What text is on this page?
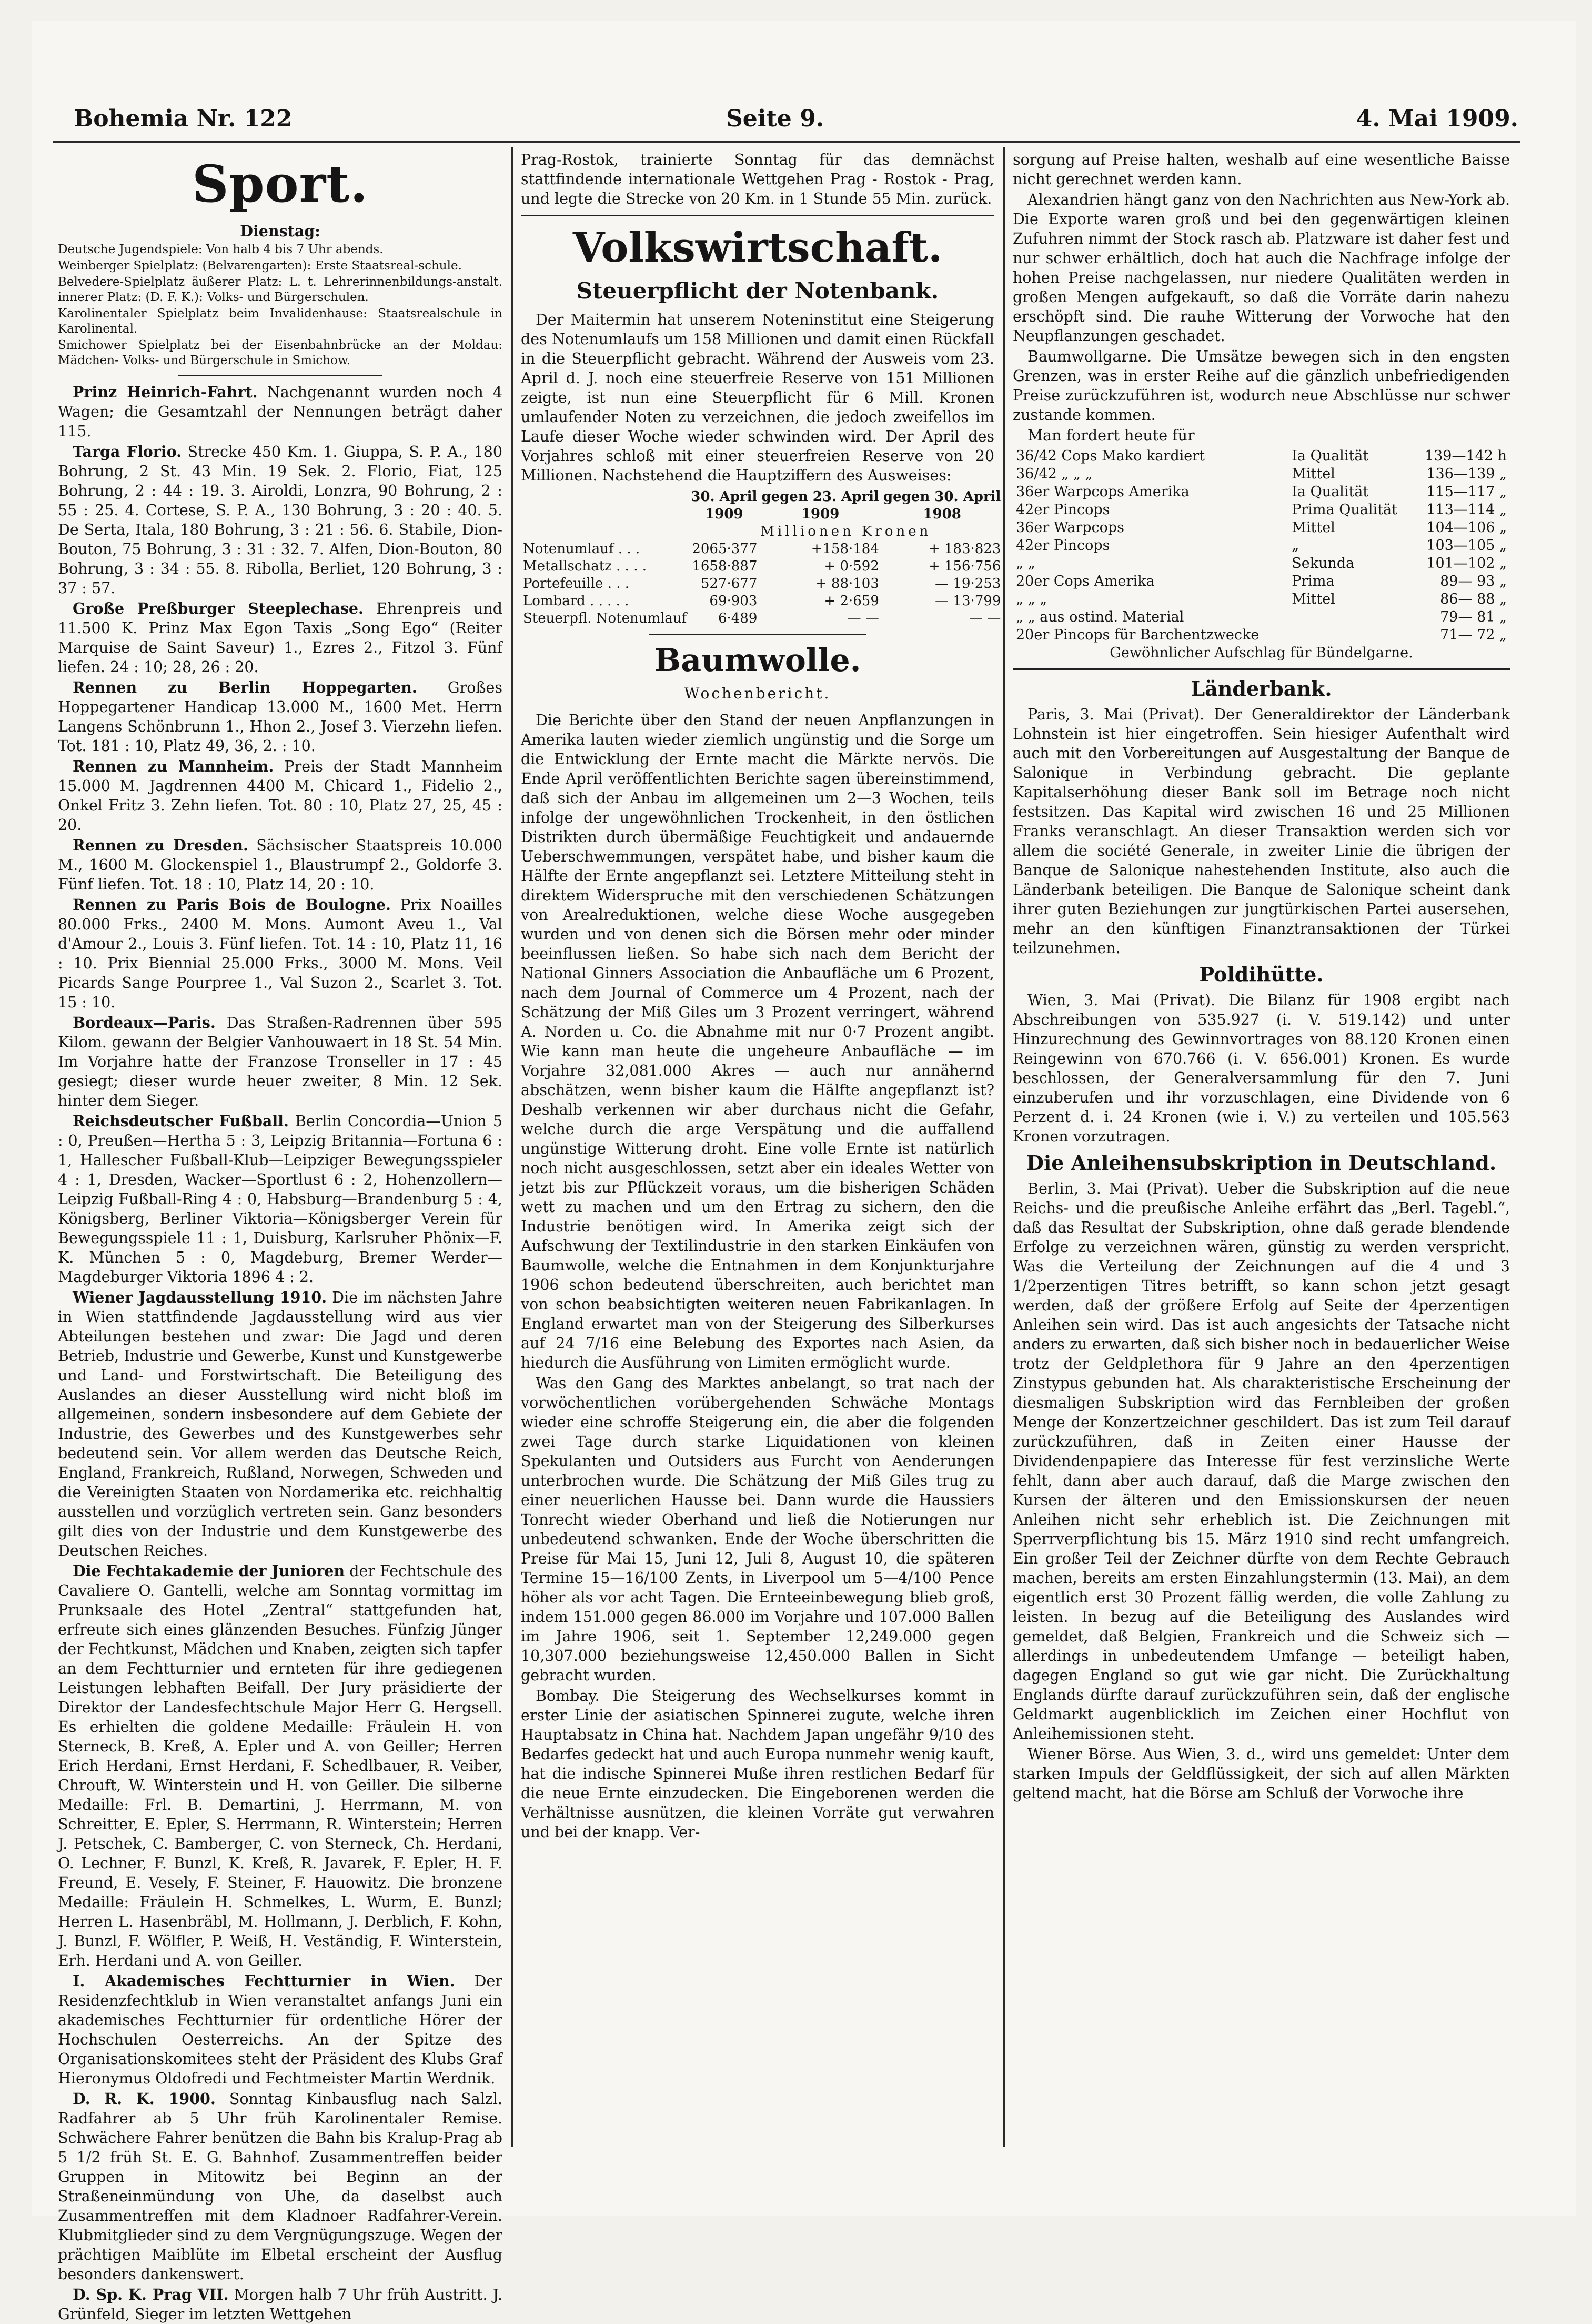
Bohemia Nr. 122	Seite 9.	4. Mai 1909.
Sport.

Dienstag:

Deutsche Jugendspiele: Von halb 4 bis 7 Uhr abends.

Weinberger Spielplatz: (Belvarengarten): Erste Staatsreal-schule.

Belvedere-Spielplatz äußerer Platz: L. t. Lehrerinnenbildungs-anstalt. innerer Platz: (D. F. K.): Volks- und Bürgerschulen.

Karolinentaler Spielplatz beim Invalidenhause: Staatsrealschule in Karolinental.

Smichower Spielplatz bei der Eisenbahnbrücke an der Moldau: Mädchen- Volks- und Bürgerschule in Smichow.

Prinz Heinrich-Fahrt. Nachgenannt wurden noch 4 Wagen; die Gesamtzahl der Nennungen beträgt daher 115.

Targa Florio. Strecke 450 Km. 1. Giuppa, S. P. A., 180 Bohrung, 2 St. 43 Min. 19 Sek. 2. Florio, Fiat, 125 Bohrung, 2 : 44 : 19. 3. Airoldi, Lonzra, 90 Bohrung, 2 : 55 : 25. 4. Cortese, S. P. A., 130 Bohrung, 3 : 20 : 40. 5. De Serta, Itala, 180 Bohrung, 3 : 21 : 56. 6. Stabile, Dion-Bouton, 75 Bohrung, 3 : 31 : 32. 7. Alfen, Dion-Bouton, 80 Bohrung, 3 : 34 : 55. 8. Ribolla, Berliet, 120 Bohrung, 3 : 37 : 57.

Große Preßburger Steeplechase. Ehrenpreis und 11.500 K. Prinz Max Egon Taxis „Song Ego“ (Reiter Marquise de Saint Saveur) 1., Ezres 2., Fitzol 3. Fünf liefen. 24 : 10; 28, 26 : 20.

Rennen zu Berlin Hoppegarten. Großes Hoppegartener Handicap 13.000 M., 1600 Met. Herrn Langens Schönbrunn 1., Hhon 2., Josef 3. Vierzehn liefen. Tot. 181 : 10, Platz 49, 36, 2. : 10.

Rennen zu Mannheim. Preis der Stadt Mannheim 15.000 M. Jagdrennen 4400 M. Chicard 1., Fidelio 2., Onkel Fritz 3. Zehn liefen. Tot. 80 : 10, Platz 27, 25, 45 : 20.

Rennen zu Dresden. Sächsischer Staatspreis 10.000 M., 1600 M. Glockenspiel 1., Blaustrumpf 2., Goldorfe 3. Fünf liefen. Tot. 18 : 10, Platz 14, 20 : 10.

Rennen zu Paris Bois de Boulogne. Prix Noailles 80.000 Frks., 2400 M. Mons. Aumont Aveu 1., Val d'Amour 2., Louis 3. Fünf liefen. Tot. 14 : 10, Platz 11, 16 : 10. Prix Biennial 25.000 Frks., 3000 M. Mons. Veil Picards Sange Pourpree 1., Val Suzon 2., Scarlet 3. Tot. 15 : 10.

Bordeaux—Paris. Das Straßen-Radrennen über 595 Kilom. gewann der Belgier Vanhouwaert in 18 St. 54 Min. Im Vorjahre hatte der Franzose Tronseller in 17 : 45 gesiegt; dieser wurde heuer zweiter, 8 Min. 12 Sek. hinter dem Sieger.

Reichsdeutscher Fußball. Berlin Concordia—Union 5 : 0, Preußen—Hertha 5 : 3, Leipzig Britannia—Fortuna 6 : 1, Hallescher Fußball-Klub—Leipziger Bewegungsspieler 4 : 1, Dresden, Wacker—Sportlust 6 : 2, Hohenzollern—Leipzig Fußball-Ring 4 : 0, Habsburg—Brandenburg 5 : 4, Königsberg, Berliner Viktoria—Königsberger Verein für Bewegungsspiele 11 : 1, Duisburg, Karlsruher Phönix—F. K. München 5 : 0, Magdeburg, Bremer Werder—Magdeburger Viktoria 1896 4 : 2.

Wiener Jagdausstellung 1910. Die im nächsten Jahre in Wien stattfindende Jagdausstellung wird aus vier Abteilungen bestehen und zwar: Die Jagd und deren Betrieb, Industrie und Gewerbe, Kunst und Kunstgewerbe und Land- und Forstwirtschaft. Die Beteiligung des Auslandes an dieser Ausstellung wird nicht bloß im allgemeinen, sondern insbesondere auf dem Gebiete der Industrie, des Gewerbes und des Kunstgewerbes sehr bedeutend sein. Vor allem werden das Deutsche Reich, England, Frankreich, Rußland, Norwegen, Schweden und die Vereinigten Staaten von Nordamerika etc. reichhaltig ausstellen und vorzüglich vertreten sein. Ganz besonders gilt dies von der Industrie und dem Kunstgewerbe des Deutschen Reiches.

Die Fechtakademie der Junioren der Fechtschule des Cavaliere O. Gantelli, welche am Sonntag vormittag im Prunksaale des Hotel „Zentral“ stattgefunden hat, erfreute sich eines glänzenden Besuches. Fünfzig Jünger der Fechtkunst, Mädchen und Knaben, zeigten sich tapfer an dem Fechtturnier und ernteten für ihre gediegenen Leistungen lebhaften Beifall. Der Jury präsidierte der Direktor der Landesfechtschule Major Herr G. Hergsell. Es erhielten die goldene Medaille: Fräulein H. von Sterneck, B. Kreß, A. Epler und A. von Geiller; Herren Erich Herdani, Ernst Herdani, F. Schedlbauer, R. Veiber, Chrouft, W. Winterstein und H. von Geiller. Die silberne Medaille: Frl. B. Demartini, J. Herrmann, M. von Schreitter, E. Epler, S. Herrmann, R. Winterstein; Herren J. Petschek, C. Bamberger, C. von Sterneck, Ch. Herdani, O. Lechner, F. Bunzl, K. Kreß, R. Javarek, F. Epler, H. F. Freund, E. Vesely, F. Steiner, F. Hauowitz. Die bronzene Medaille: Fräulein H. Schmelkes, L. Wurm, E. Bunzl; Herren L. Hasenbräbl, M. Hollmann, J. Derblich, F. Kohn, J. Bunzl, F. Wölfler, P. Weiß, H. Veständig, F. Winterstein, Erh. Herdani und A. von Geiller.

I. Akademisches Fechtturnier in Wien. Der Residenzfechtklub in Wien veranstaltet anfangs Juni ein akademisches Fechtturnier für ordentliche Hörer der Hochschulen Oesterreichs. An der Spitze des Organisationskomitees steht der Präsident des Klubs Graf Hieronymus Oldofredi und Fechtmeister Martin Werdnik.

D. R. K. 1900. Sonntag Kinbausflug nach Salzl. Radfahrer ab 5 Uhr früh Karolinentaler Remise. Schwächere Fahrer benützen die Bahn bis Kralup-Prag ab 5 1/2 früh St. E. G. Bahnhof. Zusammentreffen beider Gruppen in Mitowitz bei Beginn an der Straßeneinmündung von Uhe, da daselbst auch Zusammentreffen mit dem Kladnoer Radfahrer-Verein. Klubmitglieder sind zu dem Vergnügungszuge. Wegen der prächtigen Maiblüte im Elbetal erscheint der Ausflug besonders dankenswert.

D. Sp. K. Prag VII. Morgen halb 7 Uhr früh Austritt. J. Grünfeld, Sieger im letzten Wettgehen

Prag-Rostok, trainierte Sonntag für das demnächst stattfindende internationale Wettgehen Prag - Rostok - Prag, und legte die Strecke von 20 Km. in 1 Stunde 55 Min. zurück.

Volkswirtschaft.
Steuerpflicht der Notenbank.

Der Maitermin hat unserem Noteninstitut eine Steigerung des Notenumlaufs um 158 Millionen und damit einen Rückfall in die Steuerpflicht gebracht. Während der Ausweis vom 23. April d. J. noch eine steuerfreie Reserve von 151 Millionen zeigte, ist nun eine Steuerpflicht für 6 Mill. Kronen umlaufender Noten zu verzeichnen, die jedoch zweifellos im Laufe dieser Woche wieder schwinden wird. Der April des Vorjahres schloß mit einer steuerfreien Reserve von 20 Millionen. Nachstehend die Hauptziffern des Ausweises:

	30. April	gegen 23. April	gegen 30. April
	1909	1909	1908
	Millionen Kronen		
Notenumlauf . . .	2065·377	+158·184	+ 183·823
Metallschatz . . . .	1658·887	+ 0·592	+ 156·756
Portefeuille . . .	527·677	+ 88·103	— 19·253
Lombard . . . . .	69·903	+ 2·659	— 13·799
Steuerpfl. Notenumlauf	6·489	— —	— —
Baumwolle.
Wochenbericht.

Die Berichte über den Stand der neuen Anpflanzungen in Amerika lauten wieder ziemlich ungünstig und die Sorge um die Entwicklung der Ernte macht die Märkte nervös. Die Ende April veröffentlichten Berichte sagen übereinstimmend, daß sich der Anbau im allgemeinen um 2—3 Wochen, teils infolge der ungewöhnlichen Trockenheit, in den östlichen Distrikten durch übermäßige Feuchtigkeit und andauernde Ueberschwemmungen, verspätet habe, und bisher kaum die Hälfte der Ernte angepflanzt sei. Letztere Mitteilung steht in direktem Widerspruche mit den verschiedenen Schätzungen von Arealreduktionen, welche diese Woche ausgegeben wurden und von denen sich die Börsen mehr oder minder beeinflussen ließen. So habe sich nach dem Bericht der National Ginners Association die Anbaufläche um 6 Prozent, nach dem Journal of Commerce um 4 Prozent, nach der Schätzung der Miß Giles um 3 Prozent verringert, während A. Norden u. Co. die Abnahme mit nur 0·7 Prozent angibt. Wie kann man heute die ungeheure Anbaufläche — im Vorjahre 32,081.000 Akres — auch nur annähernd abschätzen, wenn bisher kaum die Hälfte angepflanzt ist? Deshalb verkennen wir aber durchaus nicht die Gefahr, welche durch die arge Verspätung und die auffallend ungünstige Witterung droht. Eine volle Ernte ist natürlich noch nicht ausgeschlossen, setzt aber ein ideales Wetter von jetzt bis zur Pflückzeit voraus, um die bisherigen Schäden wett zu machen und um den Ertrag zu sichern, den die Industrie benötigen wird. In Amerika zeigt sich der Aufschwung der Textilindustrie in den starken Einkäufen von Baumwolle, welche die Entnahmen in dem Konjunkturjahre 1906 schon bedeutend überschreiten, auch berichtet man von schon beabsichtigten weiteren neuen Fabrikanlagen. In England erwartet man von der Steigerung des Silberkurses auf 24 7/16 eine Belebung des Exportes nach Asien, da hiedurch die Ausführung von Limiten ermöglicht wurde.

Was den Gang des Marktes anbelangt, so trat nach der vorwöchentlichen vorübergehenden Schwäche Montags wieder eine schroffe Steigerung ein, die aber die folgenden zwei Tage durch starke Liquidationen von kleinen Spekulanten und Outsiders aus Furcht von Aenderungen unterbrochen wurde. Die Schätzung der Miß Giles trug zu einer neuerlichen Hausse bei. Dann wurde die Haussiers Tonrecht wieder Oberhand und ließ die Notierungen nur unbedeutend schwanken. Ende der Woche überschritten die Preise für Mai 15, Juni 12, Juli 8, August 10, die späteren Termine 15—16/100 Zents, in Liverpool um 5—4/100 Pence höher als vor acht Tagen. Die Ernteeinbewegung blieb groß, indem 151.000 gegen 86.000 im Vorjahre und 107.000 Ballen im Jahre 1906, seit 1. September 12,249.000 gegen 10,307.000 beziehungsweise 12,450.000 Ballen in Sicht gebracht wurden.

Bombay. Die Steigerung des Wechselkurses kommt in erster Linie der asiatischen Spinnerei zugute, welche ihren Hauptabsatz in China hat. Nachdem Japan ungefähr 9/10 des Bedarfes gedeckt hat und auch Europa nunmehr wenig kauft, hat die indische Spinnerei Muße ihren restlichen Bedarf für die neue Ernte einzudecken. Die Eingeborenen werden die Verhältnisse ausnützen, die kleinen Vorräte gut verwahren und bei der knapp. Ver-

sorgung auf Preise halten, weshalb auf eine wesentliche Baisse nicht gerechnet werden kann.

Alexandrien hängt ganz von den Nachrichten aus New-York ab. Die Exporte waren groß und bei den gegenwärtigen kleinen Zufuhren nimmt der Stock rasch ab. Platzware ist daher fest und nur schwer erhältlich, doch hat auch die Nachfrage infolge der hohen Preise nachgelassen, nur niedere Qualitäten werden in großen Mengen aufgekauft, so daß die Vorräte darin nahezu erschöpft sind. Die rauhe Witterung der Vorwoche hat den Neupflanzungen geschadet.

Baumwollgarne. Die Umsätze bewegen sich in den engsten Grenzen, was in erster Reihe auf die gänzlich unbefriedigenden Preise zurückzuführen ist, wodurch neue Abschlüsse nur schwer zustande kommen.

Man fordert heute für

36/42 Cops Mako kardiert	Ia Qualität	139—142 h
36/42 „ „ „	Mittel	136—139 „
36er Warpcops Amerika	Ia Qualität	115—117 „
42er Pincops	Prima Qualität	113—114 „
36er Warpcops	Mittel	104—106 „
42er Pincops	„	103—105 „
„ „	Sekunda	101—102 „
20er Cops Amerika	Prima	89— 93 „
„ „ „	Mittel	86— 88 „
„ „ aus ostind. Material		79— 81 „
20er Pincops für Barchentzwecke		71— 72 „
Gewöhnlicher Aufschlag für Bündelgarne.		
Länderbank.

Paris, 3. Mai (Privat). Der Generaldirektor der Länderbank Lohnstein ist hier eingetroffen. Sein hiesiger Aufenthalt wird auch mit den Vorbereitungen auf Ausgestaltung der Banque de Salonique in Verbindung gebracht. Die geplante Kapitalserhöhung dieser Bank soll im Betrage noch nicht festsitzen. Das Kapital wird zwischen 16 und 25 Millionen Franks veranschlagt. An dieser Transaktion werden sich vor allem die société Generale, in zweiter Linie die übrigen der Banque de Salonique nahestehenden Institute, also auch die Länderbank beteiligen. Die Banque de Salonique scheint dank ihrer guten Beziehungen zur jungtürkischen Partei ausersehen, mehr an den künftigen Finanztransaktionen der Türkei teilzunehmen.

Poldihütte.

Wien, 3. Mai (Privat). Die Bilanz für 1908 ergibt nach Abschreibungen von 535.927 (i. V. 519.142) und unter Hinzurechnung des Gewinnvortrages von 88.120 Kronen einen Reingewinn von 670.766 (i. V. 656.001) Kronen. Es wurde beschlossen, der Generalversammlung für den 7. Juni einzuberufen und ihr vorzuschlagen, eine Dividende von 6 Perzent d. i. 24 Kronen (wie i. V.) zu verteilen und 105.563 Kronen vorzutragen.

Die Anleihensubskription in Deutschland.

Berlin, 3. Mai (Privat). Ueber die Subskription auf die neue Reichs- und die preußische Anleihe erfährt das „Berl. Tagebl.“, daß das Resultat der Subskription, ohne daß gerade blendende Erfolge zu verzeichnen wären, günstig zu werden verspricht. Was die Verteilung der Zeichnungen auf die 4 und 3 1/2perzentigen Titres betrifft, so kann schon jetzt gesagt werden, daß der größere Erfolg auf Seite der 4perzentigen Anleihen sein wird. Das ist auch angesichts der Tatsache nicht anders zu erwarten, daß sich bisher noch in bedauerlicher Weise trotz der Geldplethora für 9 Jahre an den 4perzentigen Zinstypus gebunden hat. Als charakteristische Erscheinung der diesmaligen Subskription wird das Fernbleiben der großen Menge der Konzertzeichner geschildert. Das ist zum Teil darauf zurückzuführen, daß in Zeiten einer Hausse der Dividendenpapiere das Interesse für fest verzinsliche Werte fehlt, dann aber auch darauf, daß die Marge zwischen den Kursen der älteren und den Emissionskursen der neuen Anleihen nicht sehr erheblich ist. Die Zeichnungen mit Sperrverpflichtung bis 15. März 1910 sind recht umfangreich. Ein großer Teil der Zeichner dürfte von dem Rechte Gebrauch machen, bereits am ersten Einzahlungstermin (13. Mai), an dem eigentlich erst 30 Prozent fällig werden, die volle Zahlung zu leisten. In bezug auf die Beteiligung des Auslandes wird gemeldet, daß Belgien, Frankreich und die Schweiz sich — allerdings in unbedeutendem Umfange — beteiligt haben, dagegen England so gut wie gar nicht. Die Zurückhaltung Englands dürfte darauf zurückzuführen sein, daß der englische Geldmarkt augenblicklich im Zeichen einer Hochflut von Anleihemissionen steht.

Wiener Börse. Aus Wien, 3. d., wird uns gemeldet: Unter dem starken Impuls der Geldflüssigkeit, der sich auf allen Märkten geltend macht, hat die Börse am Schluß der Vorwoche ihre
